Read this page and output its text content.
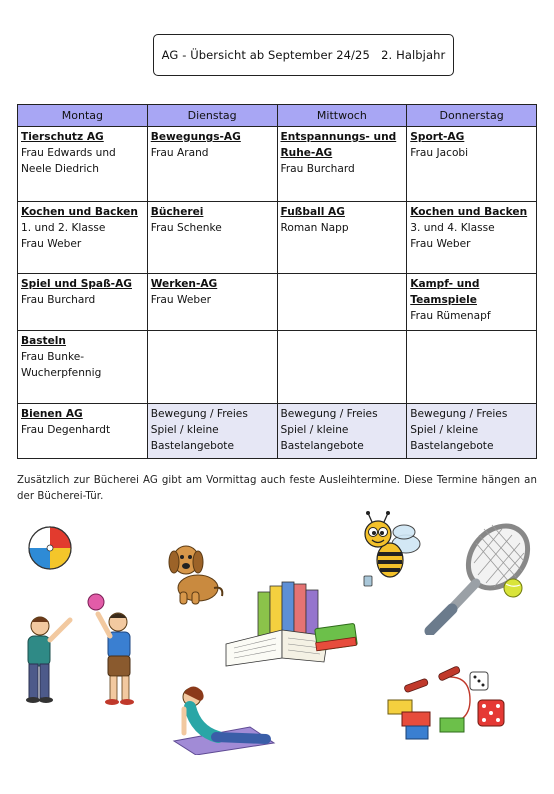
AG - Übersicht ab September 24/25
2. Halbjahr
Montag	Dienstag	Mittwoch	Donnerstag

Tierschutz AG
Frau Edwards und
Neele Diedrich	Bewegungs-AG
Frau Arand	Entspannungs- und Ruhe-AG
Frau Burchard	Sport-AG
Frau Jacobi

Kochen und Backen
1. und 2. Klasse
Frau Weber	Bücherei
Frau Schenke	Fußball AG
Roman Napp	Kochen und Backen
3. und 4. Klasse
Frau Weber

Spiel und Spaß-AG
Frau Burchard	Werken-AG
Frau Weber		Kampf- und Teamspiele
Frau Rümenapf

Basteln
Frau Bunke-
Wucherpfennig			

Bienen AG
Frau Degenhardt	Bewegung / Freies
Spiel / kleine
Bastelangebote	Bewegung / Freies
Spiel / kleine
Bastelangebote	Bewegung / Freies
Spiel / kleine
Bastelangebote

Zusätzlich zur Bücherei AG gibt am Vormittag auch feste Ausleihtermine. Diese Termine hängen an der Bücherei-Tür.
